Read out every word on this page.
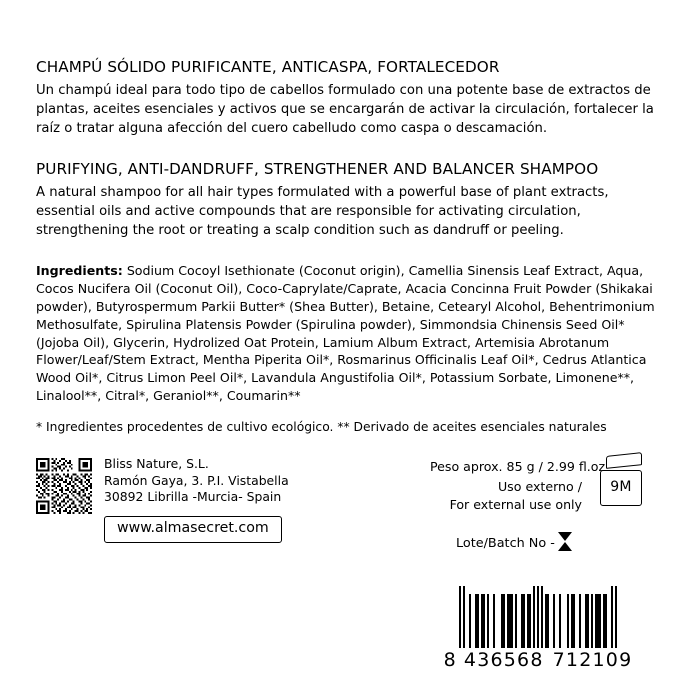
CHAMPÚ SÓLIDO PURIFICANTE, ANTICASPA, FORTALECEDOR

Un champú ideal para todo tipo de cabellos formulado con una potente base de extractos de plantas, aceites esenciales y activos que se encargarán de activar la circulación, fortalecer la raíz o tratar alguna afección del cuero cabelludo como caspa o descamación.

PURIFYING, ANTI-DANDRUFF, STRENGTHENER AND BALANCER SHAMPOO

A natural shampoo for all hair types formulated with a powerful base of plant extracts, essential oils and active compounds that are responsible for activating circulation, strengthening the root or treating a scalp condition such as dandruff or peeling.

Ingredients: Sodium Cocoyl Isethionate (Coconut origin), Camellia Sinensis Leaf Extract, Aqua, Cocos Nucifera Oil (Coconut Oil), Coco-Caprylate/Caprate, Acacia Concinna Fruit Powder (Shikakai powder), Butyrospermum Parkii Butter* (Shea Butter), Betaine, Cetearyl Alcohol, Behentrimonium Methosulfate, Spirulina Platensis Powder (Spirulina powder), Simmondsia Chinensis Seed Oil* (Jojoba Oil), Glycerin, Hydrolized Oat Protein, Lamium Album Extract, Artemisia Abrotanum Flower/Leaf/Stem Extract, Mentha Piperita Oil*, Rosmarinus Officinalis Leaf Oil*, Cedrus Atlantica Wood Oil*, Citrus Limon Peel Oil*, Lavandula Angustifolia Oil*, Potassium Sorbate, Limonene**, Linalool**, Citral*, Geraniol**, Coumarin**

* Ingredientes procedentes de cultivo ecológico. ** Derivado de aceites esenciales naturales

Bliss Nature, S.L.
Ramón Gaya, 3. P.I. Vistabella
30892 Librilla -Murcia- Spain
www.almasecret.com
Peso aprox. 85 g / 2.99 fl.oz
Uso externo /
For external use only
9M
Lote/Batch No -
8 436568 712109
